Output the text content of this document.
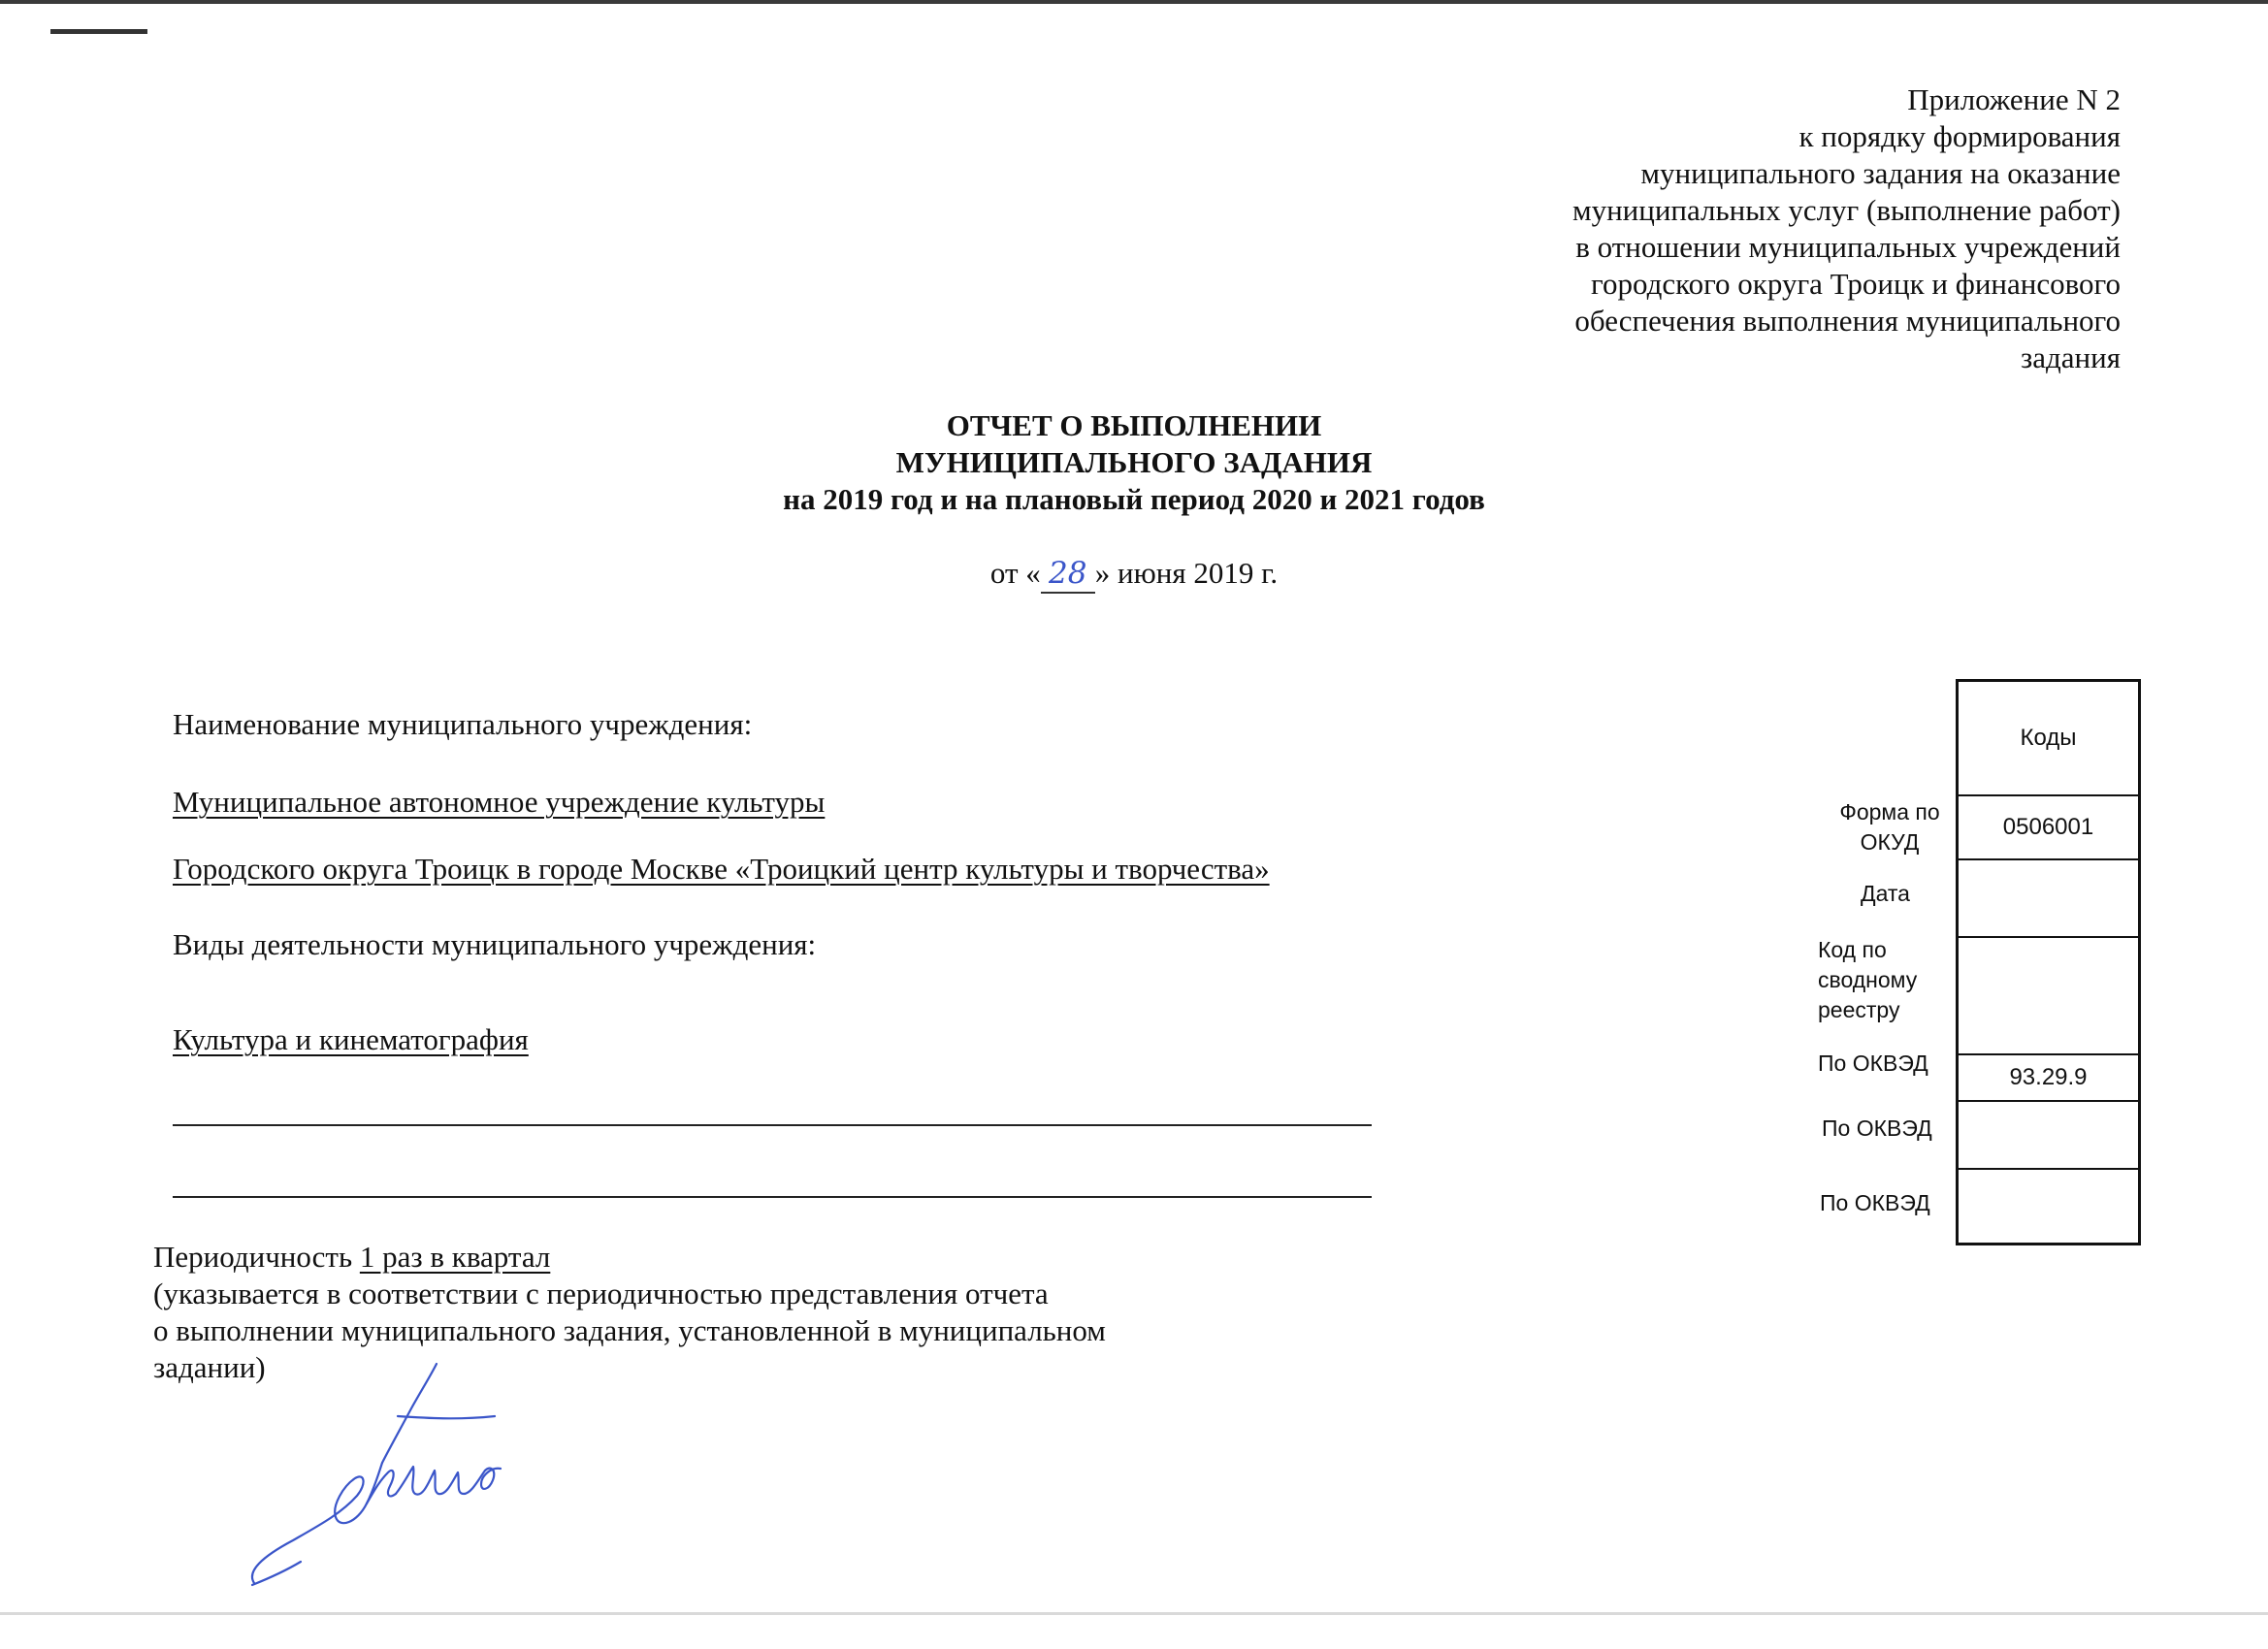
Приложение N 2
к порядку формирования
муниципального задания на оказание
муниципальных услуг (выполнение работ)
в отношении муниципальных учреждений
городского округа Троицк и финансового
обеспечения выполнения муниципального
задания
ОТЧЕТ О ВЫПОЛНЕНИИ
МУНИЦИПАЛЬНОГО ЗАДАНИЯ
на 2019 год и на плановый период 2020 и 2021 годов
от « 28 » июня 2019 г.
Наименование муниципального учреждения:
Муниципальное автономное учреждение культуры
Городского округа Троицк в городе Москве «Троицкий центр культуры и творчества»
Виды деятельности муниципального учреждения:
Культура и кинематография
Периодичность 1 раз в квартал
(указывается в соответствии с периодичностью представления отчета
о выполнении муниципального задания, установленной в муниципальном
задании)
Форма по ОКУД
Дата
Код по сводному реестру
По ОКВЭД
По ОКВЭД
По ОКВЭД
Коды
0506001
93.29.9
